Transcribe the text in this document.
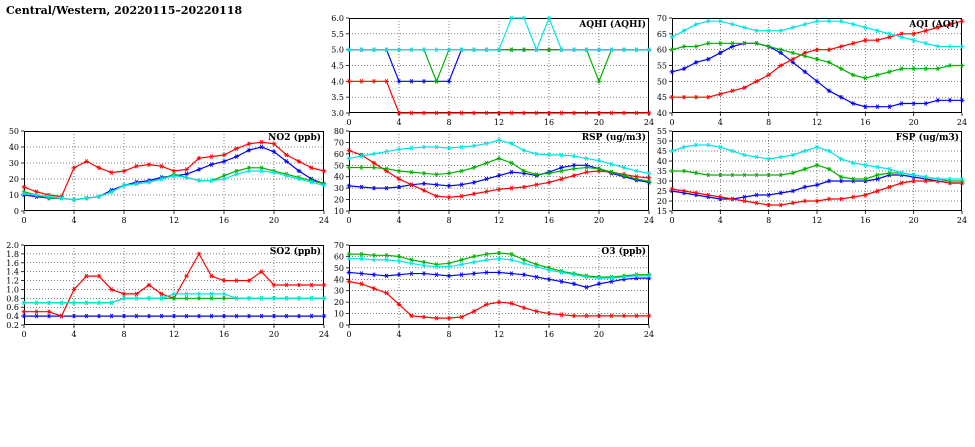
Central/Western, 20220115–20220118
NO2 (ppb)
0	4	8	12	16	20	24
0
10
20
30
40
50
AQHI (AQHI)
0	4	8	12	16	20	24
3.0
3.5
4.0
4.5
5.0
5.5
6.0
AQI (AQI)
0	4	8	12	16	20	24
40
45
50
55
60
65
70
RSP (ug/m3)
0	4	8	12	16	20	24
10
20
30
40
50
60
70
80
FSP (ug/m3)
0	4	8	12	16	20	24
15
20
25
30
35
40
45
50
55
SO2 (ppb)
0	4	8	12	16	20	24
0.2
0.4
0.6
0.8
1.0
1.2
1.4
1.6
1.8
2.0
O3 (ppb)
0	4	8	12	16	20	24
0
10
20
30
40
50
60
70
